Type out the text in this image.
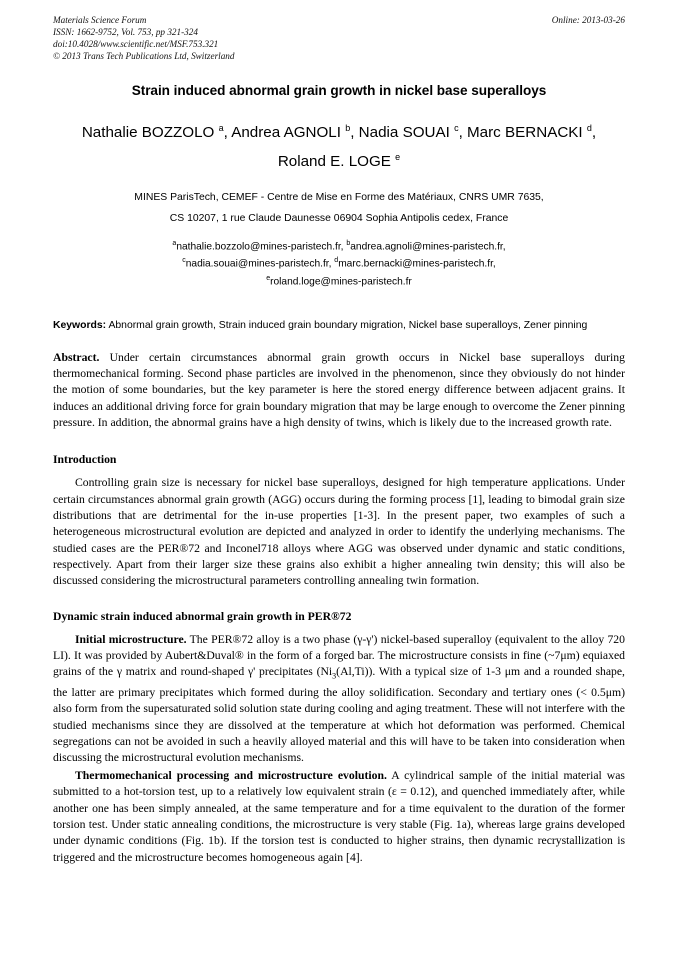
Materials Science Forum
ISSN: 1662-9752, Vol. 753, pp 321-324
doi:10.4028/www.scientific.net/MSF.753.321
© 2013 Trans Tech Publications Ltd, Switzerland
Online: 2013-03-26
Strain induced abnormal grain growth in nickel base superalloys
Nathalie BOZZOLO $^a$, Andrea AGNOLI $^b$, Nadia SOUAI $^c$, Marc BERNACKI $^d$,
Roland E. LOGE $^e$
MINES ParisTech, CEMEF - Centre de Mise en Forme des Matériaux, CNRS UMR 7635,
CS 10207, 1 rue Claude Daunesse 06904 Sophia Antipolis cedex, France
$^a$nathalie.bozzolo@mines-paristech.fr, $^b$andrea.agnoli@mines-paristech.fr,
$^c$nadia.souai@mines-paristech.fr, $^d$marc.bernacki@mines-paristech.fr,
$^e$roland.loge@mines-paristech.fr
Keywords: Abnormal grain growth, Strain induced grain boundary migration, Nickel base superalloys, Zener pinning
Abstract. Under certain circumstances abnormal grain growth occurs in Nickel base superalloys during thermomechanical forming. Second phase particles are involved in the phenomenon, since they obviously do not hinder the motion of some boundaries, but the key parameter is here the stored energy difference between adjacent grains. It induces an additional driving force for grain boundary migration that may be large enough to overcome the Zener pinning pressure. In addition, the abnormal grains have a high density of twins, which is likely due to the increased growth rate.
Introduction
Controlling grain size is necessary for nickel base superalloys, designed for high temperature applications. Under certain circumstances abnormal grain growth (AGG) occurs during the forming process [1], leading to bimodal grain size distributions that are detrimental for the in-use properties [1-3]. In the present paper, two examples of such a heterogeneous microstructural evolution are depicted and analyzed in order to identify the underlying mechanisms. The studied cases are the PER®72 and Inconel718 alloys where AGG was observed under dynamic and static conditions, respectively. Apart from their larger size these grains also exhibit a higher annealing twin density; this will also be discussed considering the microstructural parameters controlling annealing twin formation.
Dynamic strain induced abnormal grain growth in PER®72
Initial microstructure. The PER®72 alloy is a two phase (γ-γ') nickel-based superalloy (equivalent to the alloy 720 LI). It was provided by Aubert&Duval® in the form of a forged bar. The microstructure consists in fine (~7μm) equiaxed grains of the γ matrix and round-shaped γ' precipitates $(Ni_3(Al,Ti))$. With a typical size of 1-3 μm and a rounded shape, the latter are primary precipitates which formed during the alloy solidification. Secondary and tertiary ones (< 0.5μm) also form from the supersaturated solid solution state during cooling and aging treatment. These will not interfere with the studied mechanisms since they are dissolved at the temperature at which hot deformation was performed. Chemical segregations can not be avoided in such a heavily alloyed material and this will have to be taken into consideration when discussing the microstructural evolution mechanisms.
Thermomechanical processing and microstructure evolution. A cylindrical sample of the initial material was submitted to a hot-torsion test, up to a relatively low equivalent strain (ε = 0.12), and quenched immediately after, while another one has been simply annealed, at the same temperature and for a time equivalent to the duration of the former torsion test. Under static annealing conditions, the microstructure is very stable (Fig. 1a), whereas large grains developed under dynamic conditions (Fig. 1b). If the torsion test is conducted to higher strains, then dynamic recrystallization is triggered and the microstructure becomes homogeneous again [4].
